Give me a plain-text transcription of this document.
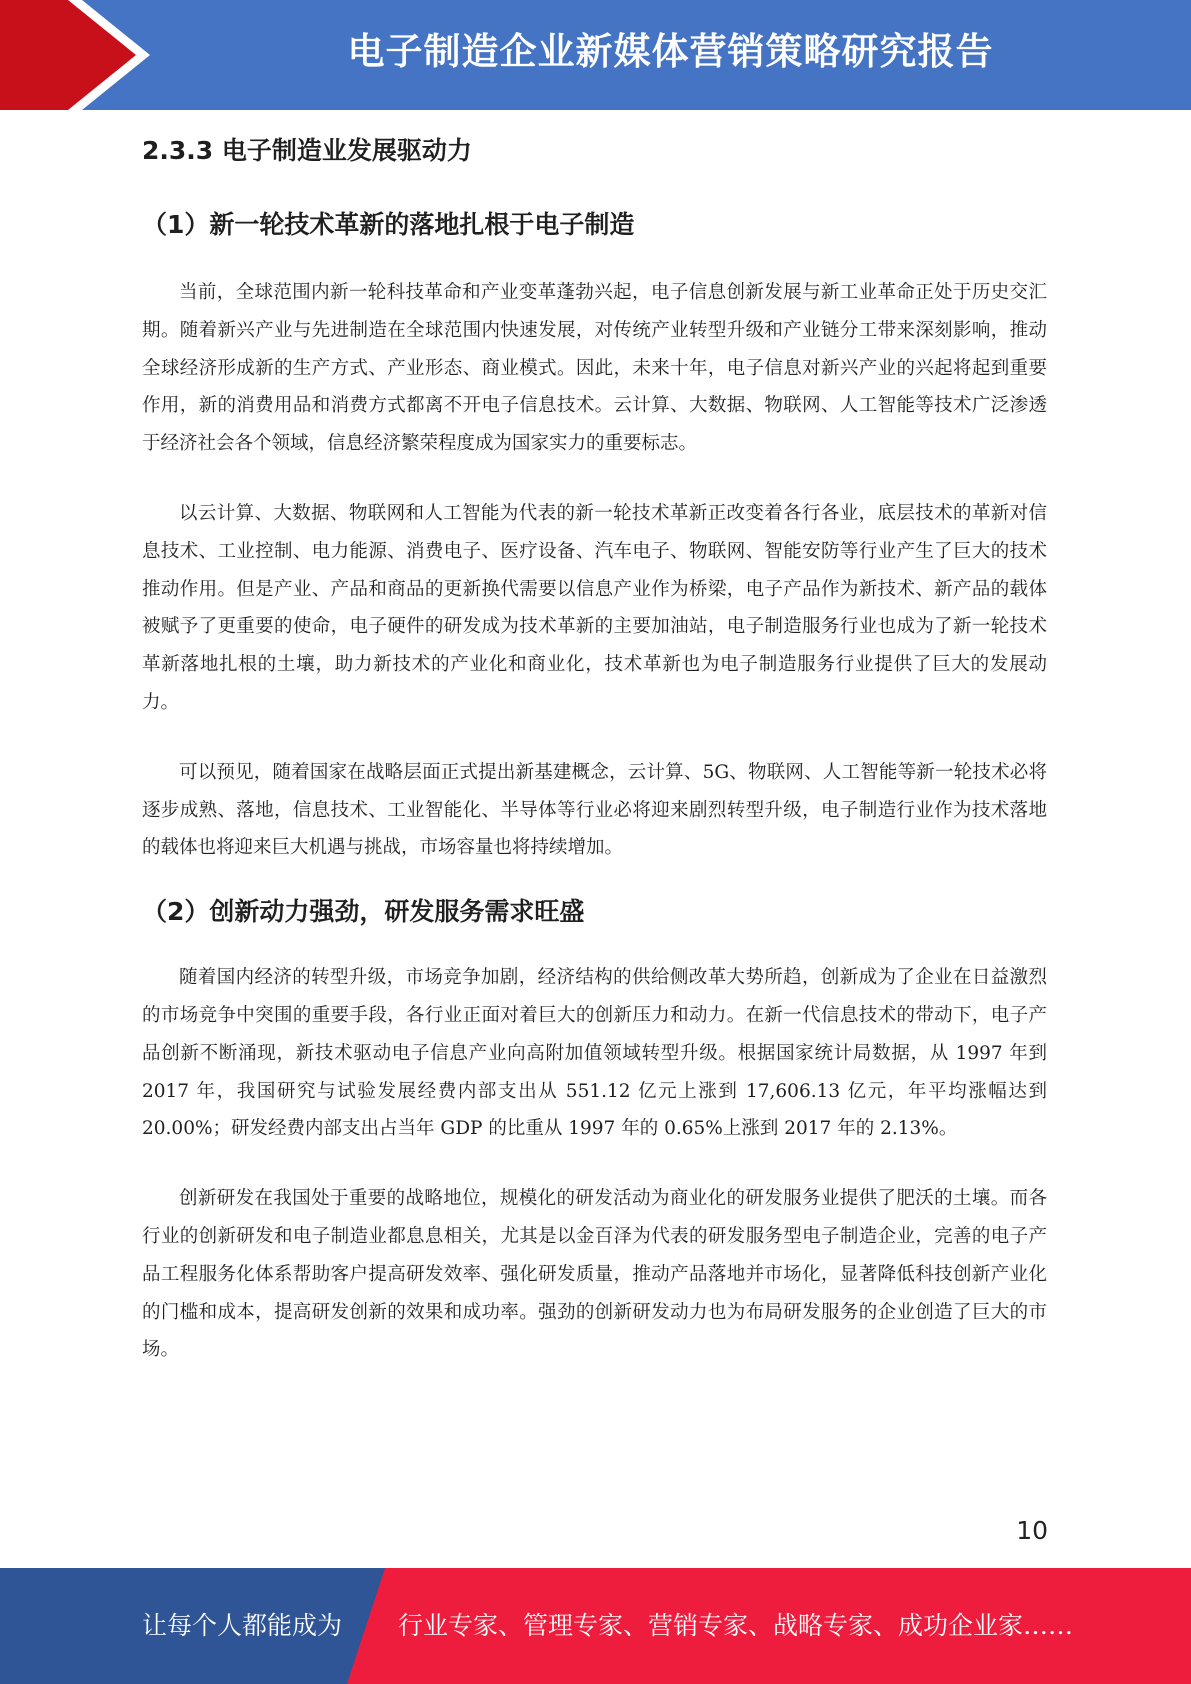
电子制造企业新媒体营销策略研究报告
2.3.3 电子制造业发展驱动力
（1）新一轮技术革新的落地扎根于电子制造

当前，全球范围内新一轮科技革命和产业变革蓬勃兴起，电子信息创新发展与新工业革命正处于历史交汇期。随着新兴产业与先进制造在全球范围内快速发展，对传统产业转型升级和产业链分工带来深刻影响，推动全球经济形成新的生产方式、产业形态、商业模式。因此，未来十年，电子信息对新兴产业的兴起将起到重要作用，新的消费用品和消费方式都离不开电子信息技术。云计算、大数据、物联网、人工智能等技术广泛渗透于经济社会各个领域，信息经济繁荣程度成为国家实力的重要标志。

以云计算、大数据、物联网和人工智能为代表的新一轮技术革新正改变着各行各业，底层技术的革新对信息技术、工业控制、电力能源、消费电子、医疗设备、汽车电子、物联网、智能安防等行业产生了巨大的技术推动作用。但是产业、产品和商品的更新换代需要以信息产业作为桥梁，电子产品作为新技术、新产品的载体被赋予了更重要的使命，电子硬件的研发成为技术革新的主要加油站，电子制造服务行业也成为了新一轮技术革新落地扎根的土壤，助力新技术的产业化和商业化，技术革新也为电子制造服务行业提供了巨大的发展动力。

可以预见，随着国家在战略层面正式提出新基建概念，云计算、5G、物联网、人工智能等新一轮技术必将逐步成熟、落地，信息技术、工业智能化、半导体等行业必将迎来剧烈转型升级，电子制造行业作为技术落地的载体也将迎来巨大机遇与挑战，市场容量也将持续增加。

（2）创新动力强劲，研发服务需求旺盛

随着国内经济的转型升级，市场竞争加剧，经济结构的供给侧改革大势所趋，创新成为了企业在日益激烈的市场竞争中突围的重要手段，各行业正面对着巨大的创新压力和动力。在新一代信息技术的带动下，电子产品创新不断涌现，新技术驱动电子信息产业向高附加值领域转型升级。根据国家统计局数据，从 1997 年到 2017 年，我国研究与试验发展经费内部支出从 551.12 亿元上涨到 17,606.13 亿元，年平均涨幅达到 20.00%；研发经费内部支出占当年 GDP 的比重从 1997 年的 0.65%上涨到 2017 年的 2.13%。

创新研发在我国处于重要的战略地位，规模化的研发活动为商业化的研发服务业提供了肥沃的土壤。而各行业的创新研发和电子制造业都息息相关，尤其是以金百泽为代表的研发服务型电子制造企业，完善的电子产品工程服务化体系帮助客户提高研发效率、强化研发质量，推动产品落地并市场化，显著降低科技创新产业化的门槛和成本，提高研发创新的效果和成功率。强劲的创新研发动力也为布局研发服务的企业创造了巨大的市场。

10
让每个人都能成为 行业专家、管理专家、营销专家、战略专家、成功企业家……
